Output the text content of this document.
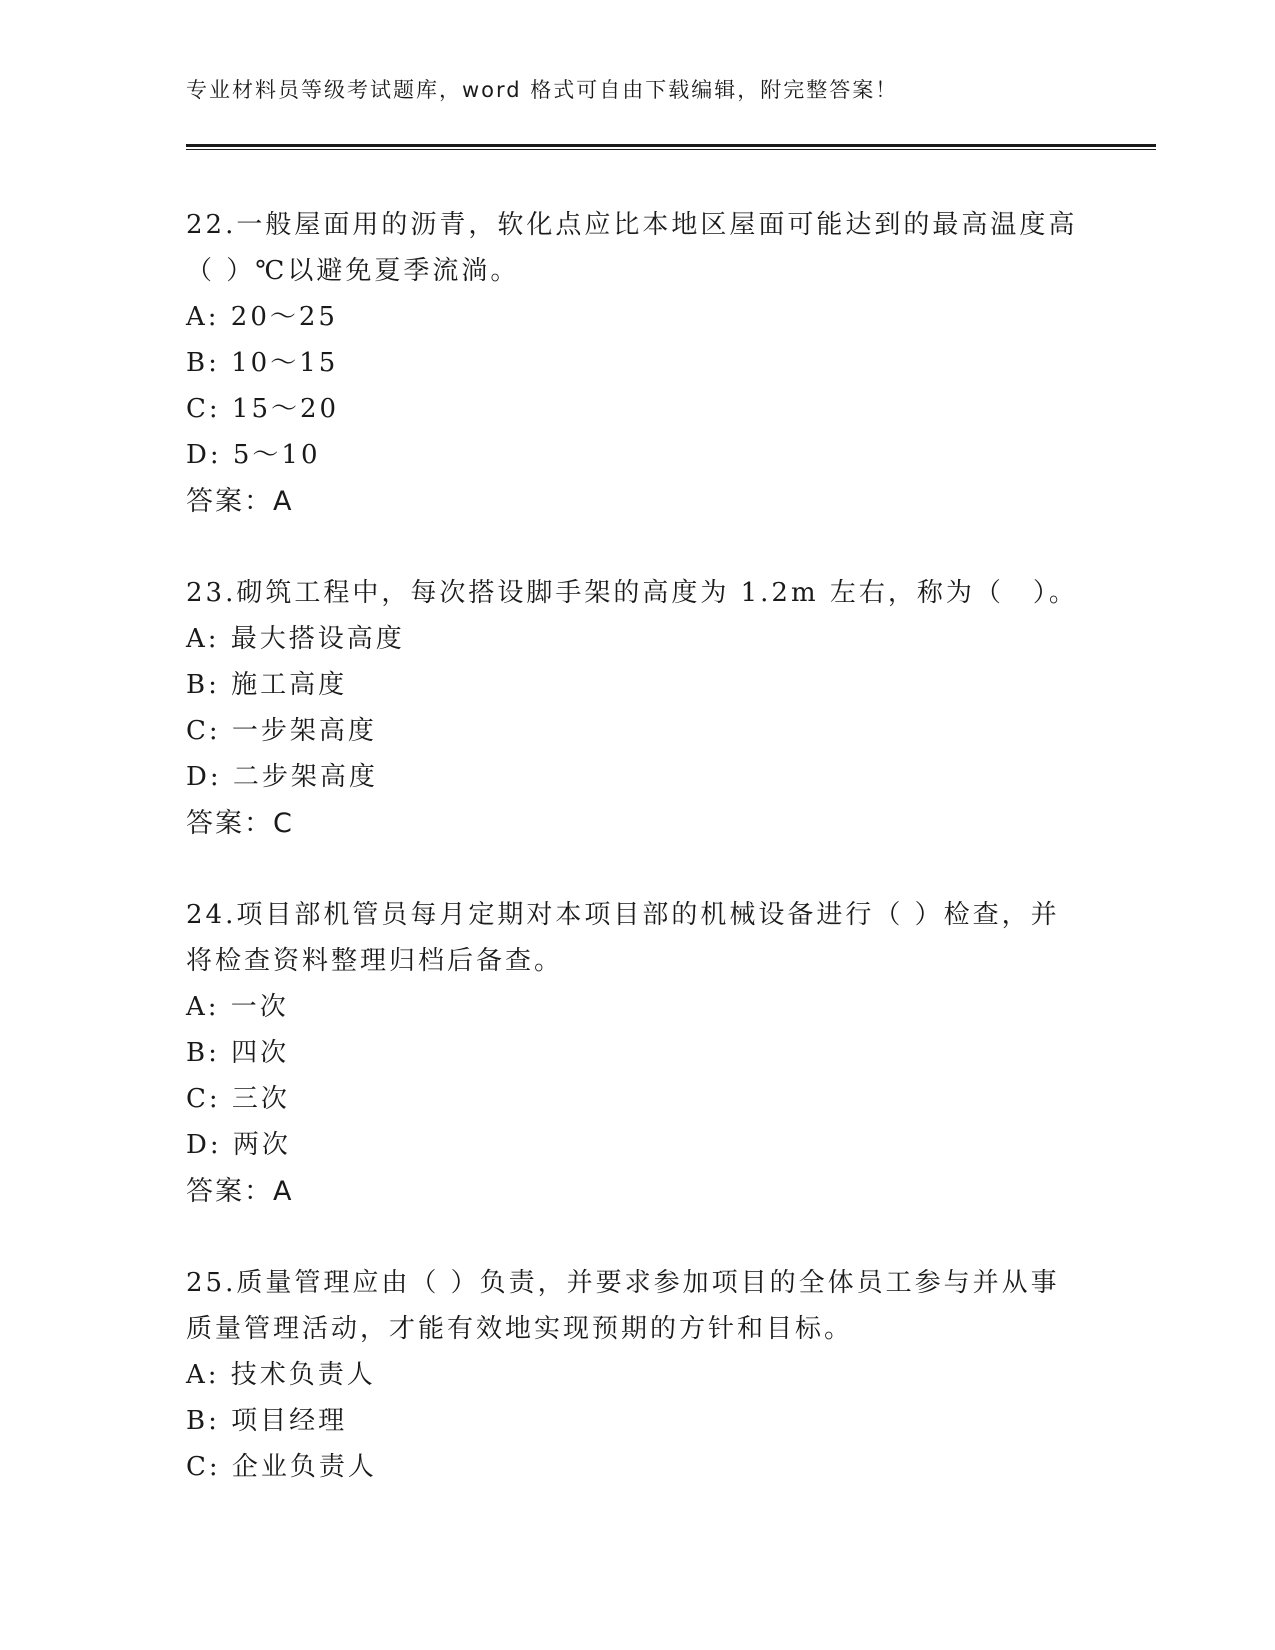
专业材料员等级考试题库，word 格式可自由下载编辑，附完整答案！
22.一般屋面用的沥青，软化点应比本地区屋面可能达到的最高温度高（ ）℃以避免夏季流淌。
A: 20～25
B: 10～15
C: 15～20
D: 5～10
答案：A
23.砌筑工程中，每次搭设脚手架的高度为 1.2m 左右，称为（　）。
A: 最大搭设高度
B: 施工高度
C: 一步架高度
D: 二步架高度
答案：C
24.项目部机管员每月定期对本项目部的机械设备进行（ ）检查，并将检查资料整理归档后备查。
A: 一次
B: 四次
C: 三次
D: 两次
答案：A
25.质量管理应由（ ）负责，并要求参加项目的全体员工参与并从事质量管理活动，才能有效地实现预期的方针和目标。
A: 技术负责人
B: 项目经理
C: 企业负责人
